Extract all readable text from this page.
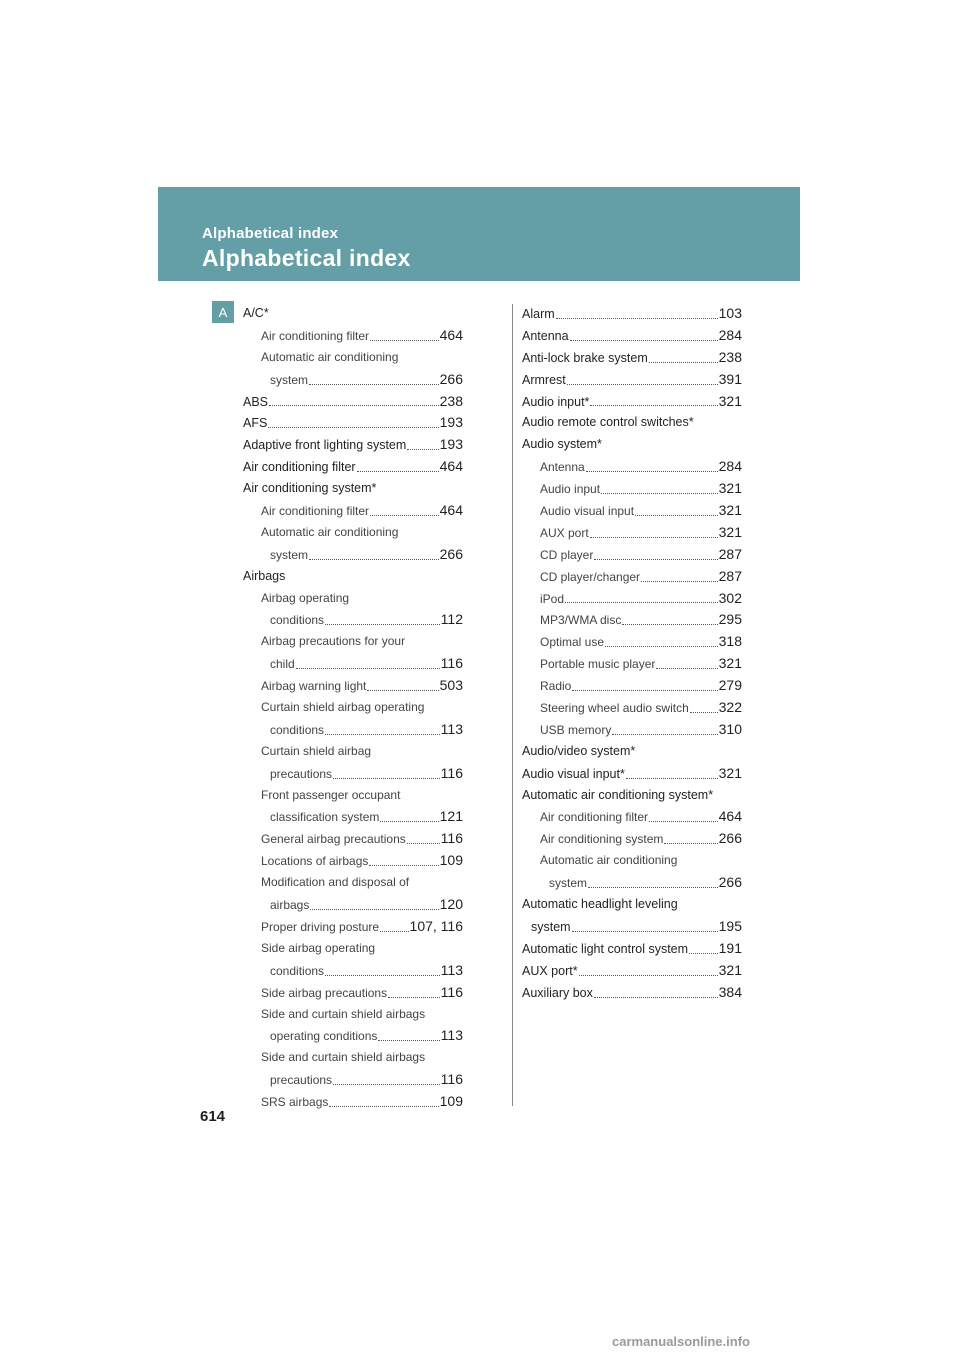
Alphabetical index
Alphabetical index
A	A/C*
Air conditioning filter	464
Automatic air conditioning
system	266
ABS	238
AFS	193
Adaptive front lighting system 193
Air conditioning filter	464
Air conditioning system*
Air conditioning filter	464
Automatic air conditioning
system	266
Airbags
Airbag operating
conditions	112
Airbag precautions for your
child	116
Airbag warning light	503
Curtain shield airbag operating
conditions	113
Curtain shield airbag
precautions	116
Front passenger occupant
classification system	121
General airbag precautions 116
Locations of airbags	109
Modification and disposal of
airbags	120
Proper driving posture 107, 116
Side airbag operating
conditions	113
Side airbag precautions	116
Side and curtain shield airbags
operating conditions	113
Side and curtain shield airbags
precautions	116
SRS airbags	109
Alarm	103
Antenna	284
Anti-lock brake system	238
Armrest	391
Audio input*	321
Audio remote control switches*
Audio system*
Antenna	284
Audio input	321
Audio visual input	321
AUX port	321
CD player	287
CD player/changer	287
iPod	302
MP3/WMA disc	295
Optimal use	318
Portable music player	321
Radio	279
Steering wheel audio switch 322
USB memory	310
Audio/video system*
Audio visual input*	321
Automatic air conditioning system*
Air conditioning filter	464
Air conditioning system	266
Automatic air conditioning
system	266
Automatic headlight leveling
system	195
Automatic light control system 191
AUX port*	321
Auxiliary box	384
614
carmanualsonline.info
